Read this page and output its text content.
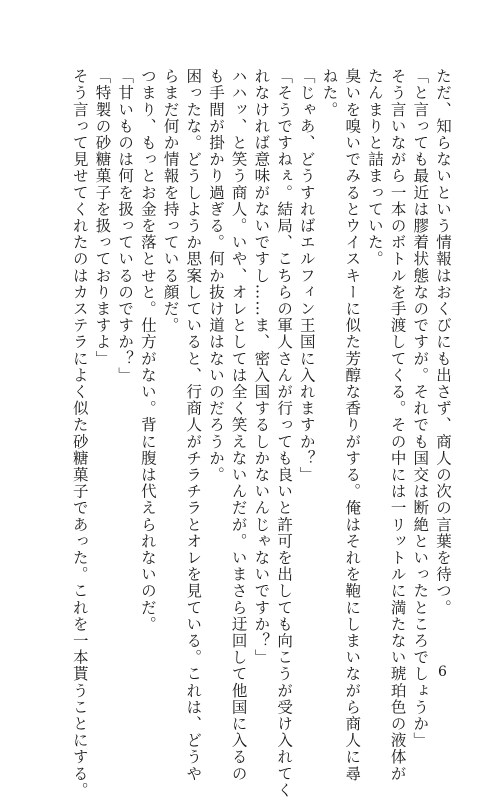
ただ、知らないという情報はおくびにも出さず、商人の次の言葉を待つ。
「と言っても最近は膠着状態なのですが。それでも国交は断絶といったところでしょうか」
そう言いながら一本のボトルを手渡してくる。その中には一リットルに満たない琥珀色の液体が
たんまりと詰まっていた。
臭いを嗅いでみるとウイスキーに似た芳醇な香りがする。俺はそれを鞄にしまいながら商人に尋
ねた。
「じゃあ、どうすればエルフィン王国に入れますか？」
「そうですねぇ。結局、こちらの軍人さんが行っても良いと許可を出しても向こうが受け入れてく
れなければ意味がないですし……ま、密入国するしかないんじゃないですか？」
ハハッ、と笑う商人。いや、オレとしては全く笑えないんだが。いまさら迂回して他国に入るの
も手間が掛かり過ぎる。何か抜け道はないのだろうか。
困ったな。どうしようか思案していると、行商人がチラチラとオレを見ている。これは、どうや
らまだ何か情報を持っている顔だ。
つまり、もっとお金を落とせと。仕方がない。背に腹は代えられないのだ。
「甘いものは何を扱っているのですか？」
「特製の砂糖菓子を扱っておりますよ」
そう言って見せてくれたのはカステラによく似た砂糖菓子であった。これを一本貰うことにする。	6
